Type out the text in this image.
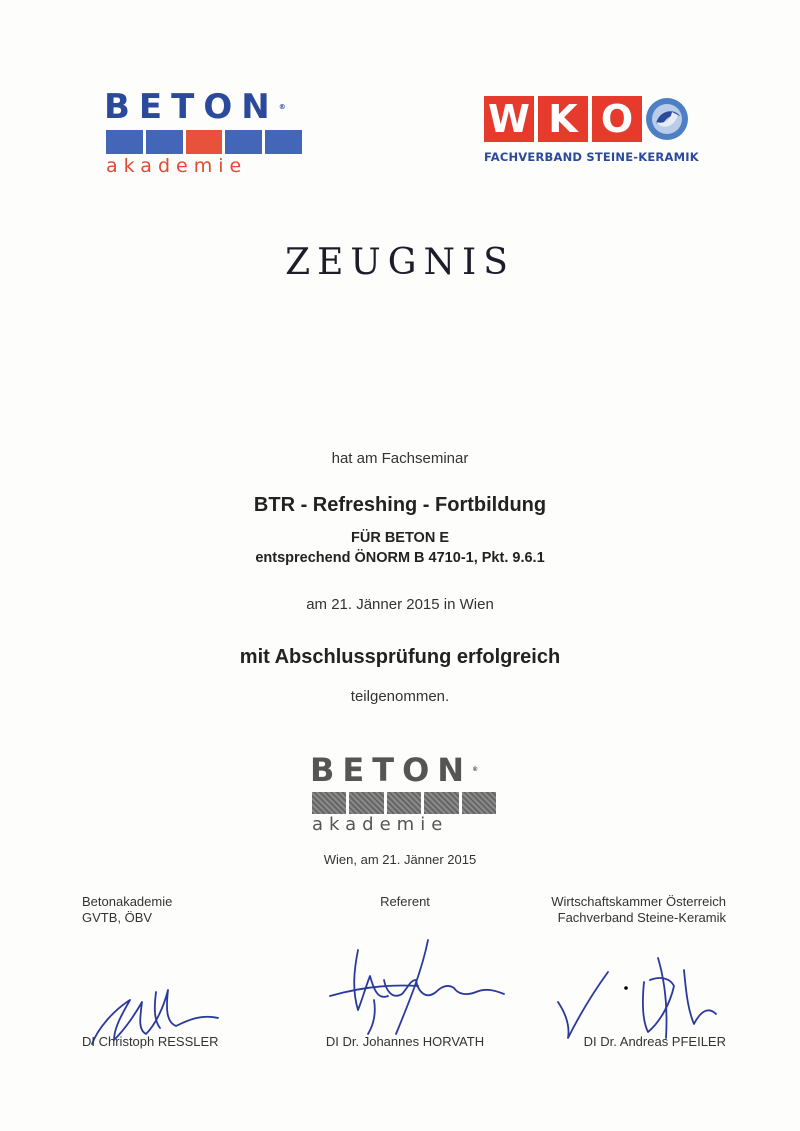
BETON®
akademie
W K O
FACHVERBAND STEINE-KERAMIK
ZEUGNIS
hat am Fachseminar
BTR - Refreshing - Fortbildung
FÜR BETON E
entsprechend ÖNORM B 4710-1, Pkt. 9.6.1
am 21. Jänner 2015 in Wien
mit Abschlussprüfung erfolgreich
teilgenommen.
BETON®
akademie
Wien, am 21. Jänner 2015
Betonakademie
GVTB, ÖBV
Referent	Wirtschaftskammer Österreich
Fachverband Steine-Keramik
DI Christoph RESSLER	DI Dr. Johannes HORVATH	DI Dr. Andreas PFEILER
